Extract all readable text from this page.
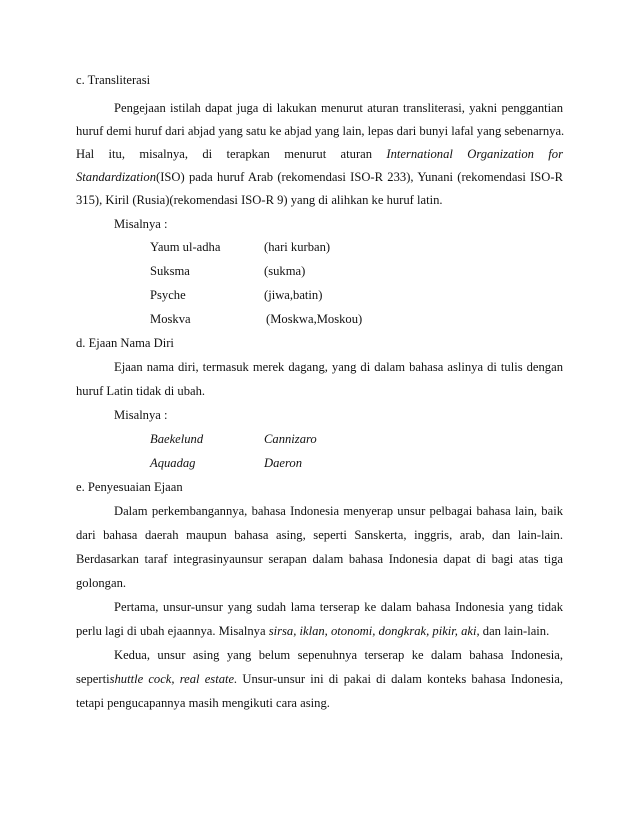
c. Transliterasi
Pengejaan istilah dapat juga di lakukan menurut aturan transliterasi, yakni penggantian
huruf demi huruf dari abjad yang satu ke abjad yang lain, lepas dari bunyi lafal yang sebenarnya.
Hal itu, misalnya, di terapkan menurut aturan International Organization for
Standardization(ISO) pada huruf Arab (rekomendasi ISO-R 233), Yunani (rekomendasi ISO-R
315), Kiril (Rusia)(rekomendasi ISO-R 9) yang di alihkan ke huruf latin.
Misalnya :
Yaum ul-adha	(hari kurban)
Suksma	(sukma)
Psyche	(jiwa,batin)
Moskva	(Moskwa,Moskou)
d. Ejaan Nama Diri
Ejaan nama diri, termasuk merek dagang, yang di dalam bahasa aslinya di tulis dengan
huruf Latin tidak di ubah.
Misalnya :
Baekelund	Cannizaro
Aquadag	Daeron
e. Penyesuaian Ejaan
Dalam perkembangannya, bahasa Indonesia menyerap unsur pelbagai bahasa lain, baik
dari bahasa daerah maupun bahasa asing, seperti Sanskerta, inggris, arab, dan lain-lain.
Berdasarkan taraf integrasinyaunsur serapan dalam bahasa Indonesia dapat di bagi atas tiga
golongan.
Pertama, unsur-unsur yang sudah lama terserap ke dalam bahasa Indonesia yang tidak
perlu lagi di ubah ejaannya. Misalnya sirsa, iklan, otonomi, dongkrak, pikir, aki, dan lain-lain.
Kedua, unsur asing yang belum sepenuhnya terserap ke dalam bahasa Indonesia,
sepertishuttle cock, real estate. Unsur-unsur ini di pakai di dalam konteks bahasa Indonesia,
tetapi pengucapannya masih mengikuti cara asing.
